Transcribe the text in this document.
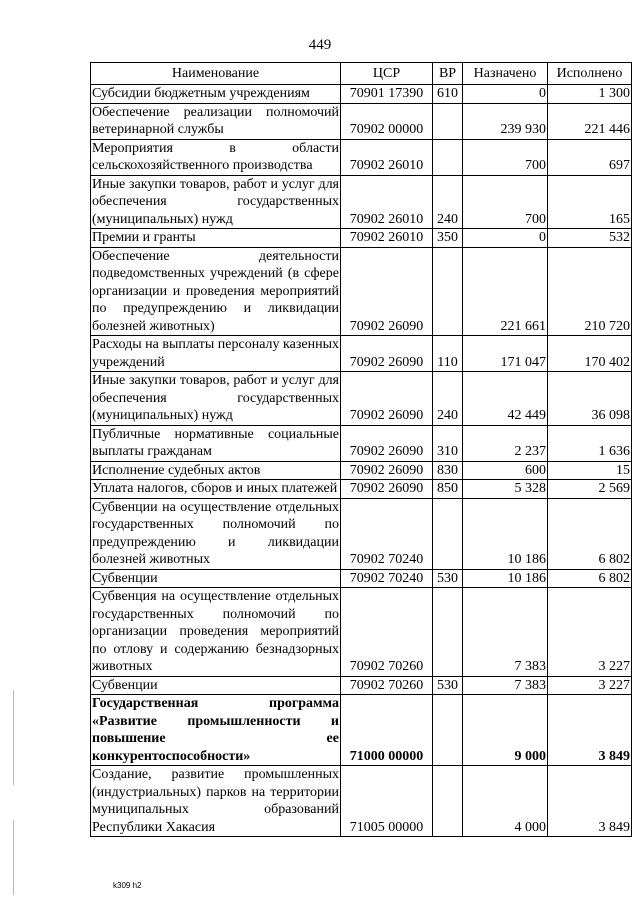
449
Наименование	ЦСР	ВР	Назначено	Исполнено
Субсидии бюджетным учреждениям	70901 17390	610	0	1 300
Обеспечение реализации полномочий ветеринарной службы	70902 00000		239 930	221 446
Мероприятия в области сельскохозяйственного производства	70902 26010		700	697
Иные закупки товаров, работ и услуг для обеспечения государственных (муниципальных) нужд	70902 26010	240	700	165
Премии и гранты	70902 26010	350	0	532
Обеспечение деятельности подведомственных учреждений (в сфере организации и проведения мероприятий по предупреждению и ликвидации болезней животных)	70902 26090		221 661	210 720
Расходы на выплаты персоналу казенных учреждений	70902 26090	110	171 047	170 402
Иные закупки товаров, работ и услуг для обеспечения государственных (муниципальных) нужд	70902 26090	240	42 449	36 098
Публичные нормативные социальные выплаты гражданам	70902 26090	310	2 237	1 636
Исполнение судебных актов	70902 26090	830	600	15
Уплата налогов, сборов и иных платежей	70902 26090	850	5 328	2 569
Субвенции на осуществление отдельных государственных полномочий по предупреждению и ликвидации болезней животных	70902 70240		10 186	6 802
Субвенции	70902 70240	530	10 186	6 802
Субвенция на осуществление отдельных государственных полномочий по организации проведения мероприятий по отлову и содержанию безнадзорных животных	70902 70260		7 383	3 227
Субвенции	70902 70260	530	7 383	3 227
Государственная программа «Развитие промышленности и повышение ее конкурентоспособности»	71000 00000		9 000	3 849
Создание, развитие промышленных (индустриальных) парков на территории муниципальных образований Республики Хакасия	71005 00000		4 000	3 849
k309 h2
